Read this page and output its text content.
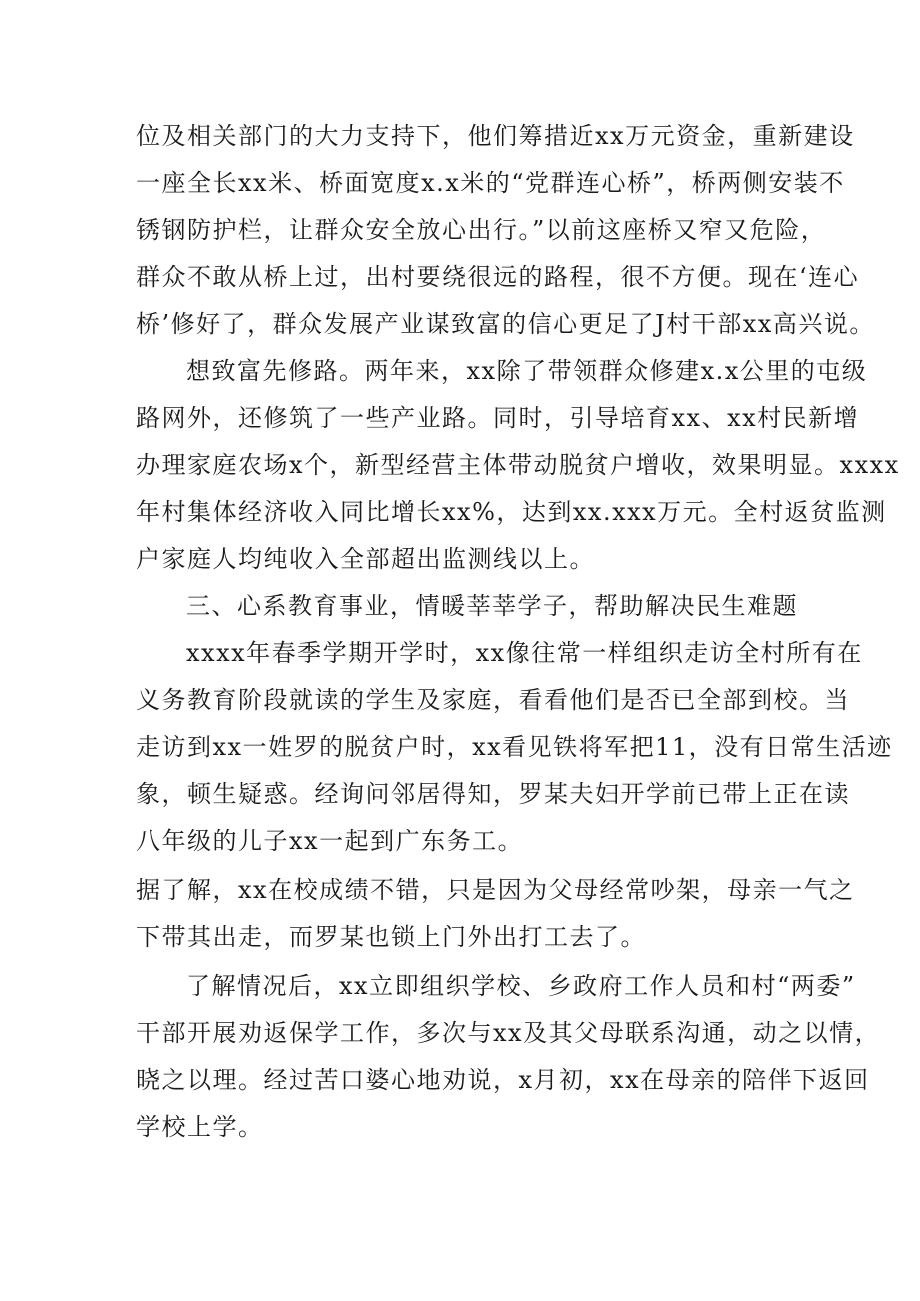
位及相关部门的大力支持下，他们筹措近xx万元资金，重新建设
一座全长xx米、桥面宽度x.x米的“党群连心桥”，桥两侧安装不
锈钢防护栏，让群众安全放心出行。”以前这座桥又窄又危险，
群众不敢从桥上过，出村要绕很远的路程，很不方便。现在‘连心
桥’修好了，群众发展产业谋致富的信心更足了J村干部xx高兴说。
想致富先修路。两年来，xx除了带领群众修建x.x公里的屯级
路网外，还修筑了一些产业路。同时，引导培育xx、xx村民新增
办理家庭农场x个，新型经营主体带动脱贫户增收，效果明显。xxxx
年村集体经济收入同比增长xx%，达到xx.xxx万元。全村返贫监测
户家庭人均纯收入全部超出监测线以上。
三、心系教育事业，情暖莘莘学子，帮助解决民生难题
xxxx年春季学期开学时，xx像往常一样组织走访全村所有在
义务教育阶段就读的学生及家庭，看看他们是否已全部到校。当
走访到xx一姓罗的脱贫户时，xx看见铁将军把11，没有日常生活迹
象，顿生疑惑。经询问邻居得知，罗某夫妇开学前已带上正在读
八年级的儿子xx一起到广东务工。
据了解，xx在校成绩不错，只是因为父母经常吵架，母亲一气之
下带其出走，而罗某也锁上门外出打工去了。
了解情况后，xx立即组织学校、乡政府工作人员和村“两委”
干部开展劝返保学工作，多次与xx及其父母联系沟通，动之以情，
晓之以理。经过苦口婆心地劝说，x月初，xx在母亲的陪伴下返回
学校上学。
